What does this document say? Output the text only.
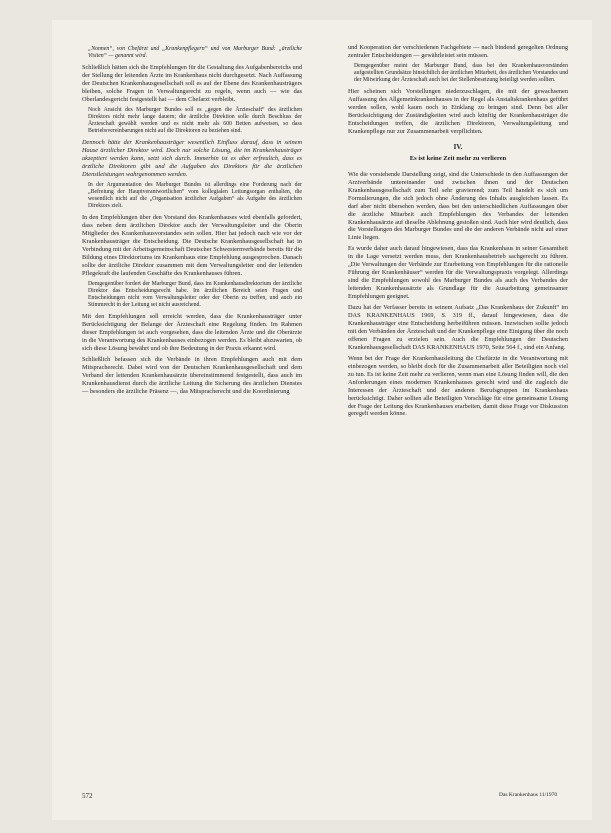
„Nonnen“, von Chefärzt und „Krankenpflegern“ und von Marburger Bund: „ärztliche Visiten“ — genannt wird.

Schließlich hätten sich die Empfehlungen für die Gestaltung des Aufgabenbereichs und der Stellung der leitenden Ärzte im Krankenhaus nicht durchgesetzt. Nach Auffassung der Deutschen Krankenhausgesellschaft soll es auf der Ebene des Krankenhausträgers bleiben, solche Fragen in Verwaltungsrecht zu regeln, wenn auch — wie das Oberlandesgericht festgestellt hat — dem Chefarzt verbleibt.

Noch Ansicht des Marburger Bundes soll es „gegen die Ärzteschaft“ des ärztlichen Direktors nicht mehr lange dauern; die ärztliche Direktion solle durch Beschluss der Ärzteschaft gewählt werden und es nicht mehr als 600 Betten aufweisen, so dass Betriebsvereinbarungen nicht auf die Direktoren zu beziehen sind.

Dennoch hätte der Krankenhausträger wesentlich Einfluss darauf, dass in seinem Hause ärztlicher Direktor wird. Doch nur solche Lösung, die im Krankenhausträger akzeptiert werden kann, setzt sich durch. Immerhin ist es aber erfreulich, dass es ärztliche Direktoren gibt und die Aufgaben des Direktors für die ärztlichen Dienstleistungen wahrgenommen werden.

In der Argumentation des Marburger Bundes ist allerdings eine Forderung nach der „Befreiung der Hauptverantwortlichen“ vom kollegialen Leitungsorgan enthalten, die wesentlich nicht auf die „Organisation ärztlicher Aufgaben“ als Aufgabe des ärztlichen Direktors zielt.

In den Empfehlungen über den Vorstand des Krankenhauses wird ebenfalls gefordert, dass neben dem ärztlichen Direktor auch der Verwaltungsleiter und die Oberin Mitglieder des Krankenhausvorstandes sein sollen. Hier hat jedoch nach wie vor der Krankenhausträger die Entscheidung. Die Deutsche Krankenhausgesellschaft hat in Verbindung mit der Arbeitsgemeinschaft Deutscher Schwesternverbände bereits für die Bildung eines Direktoriums im Krankenhaus eine Empfehlung ausgesprochen. Danach sollte der ärztliche Direktor zusammen mit dem Verwaltungsleiter und der leitenden Pflegekraft die laufenden Geschäfte des Krankenhauses führen.

Demgegenüber fordert der Marburger Bund, dass im Krankenhausdirektorium der ärztliche Direktor das Entscheidungsrecht habe. Im ärztlichen Bereich seien Fragen und Entscheidungen nicht vom Verwaltungsleiter oder der Oberin zu treffen, und auch ein Stimmrecht in der Leitung sei nicht ausreichend.

Mit den Empfehlungen soll erreicht werden, dass die Krankenhausträger unter Berücksichtigung der Belange der Ärzteschaft eine Regelung finden. Im Rahmen dieser Empfehlungen ist auch vorgesehen, dass die leitenden Ärzte und die Oberärzte in die Verantwortung des Krankenhauses einbezogen werden. Es bleibt abzuwarten, ob sich diese Lösung bewährt und ob ihre Bedeutung in der Praxis erkannt wird.

Schließlich befassen sich die Verbände in ihren Empfehlungen auch mit dem Mitspracherecht. Dabei wird von der Deutschen Krankenhausgesellschaft und dem Verband der leitenden Krankenhausärzte übereinstimmend festgestellt, dass auch im Krankenhausdienst durch die ärztliche Leitung die Sicherung des ärztlichen Dienstes — besonders die ärztliche Präsenz —, das Mitspracherecht und die Koordinierung

und Kooperation der verschiedenen Fachgebiete — nach bindend geregelten Ordnung zentraler Entscheidungen — gewährleistet sein müssen.

Demgegenüber meint der Marburger Bund, dass bei den Krankenhausvorständen aufgestellten Grundsätze hinsichtlich der ärztlichen Mitarbeit, des ärztlichen Vorstandes und der Mitwirkung der Ärzteschaft auch bei der Stellenbesetzung beteiligt werden sollten.

Hier scheinen sich Vorstellungen niederzuschlagen, die mit der gewachsenen Auffassung des Allgemeinkrankenhauses in der Regel als Anstaltskrankenhaus geführt werden sollen, wohl kaum noch in Einklang zu bringen sind. Denn bei aller Berücksichtigung der Zuständigkeiten wird auch künftig der Krankenhausträger die Entscheidungen treffen, die ärztlichen Direktoren, Verwaltungsleitung und Krankenpflege nur zur Zusammenarbeit verpflichten.

IV.

Es ist keine Zeit mehr zu verlieren

Wie die vorstehende Darstellung zeigt, sind die Unterschiede in den Auffassungen der Arztverbände untereinander und zwischen ihnen und der Deutschen Krankenhausgesellschaft zum Teil sehr gravierend; zum Teil handelt es sich um Formulierungen, die sich jedoch ohne Änderung des Inhalts ausgleichen lassen. Es darf aber nicht übersehen werden, dass bei den unterschiedlichen Auffassungen über die ärztliche Mitarbeit auch Empfehlungen des Verbandes der leitenden Krankenhausärzte auf dieselbe Ablehnung gestoßen sind. Auch hier wird deutlich, dass die Vorstellungen des Marburger Bundes und die der anderen Verbände nicht auf einer Linie liegen.

Es wurde daher auch darauf hingewiesen, dass das Krankenhaus in seiner Gesamtheit in die Lage versetzt werden muss, den Krankenhausbetrieb sachgerecht zu führen. „Die Verwaltungen der Verbände zur Erarbeitung von Empfehlungen für die rationelle Führung der Krankenhäuser“ werden für die Verwaltungspraxis vorgelegt. Allerdings sind die Empfehlungen sowohl des Marburger Bundes als auch des Verbandes der leitenden Krankenhausärzte als Grundlage für die Ausarbeitung gemeinsamer Empfehlungen geeignet.

Dazu hat der Verfasser bereits in seinem Aufsatz „Das Krankenhaus der Zukunft“ im DAS KRANKENHAUS 1969, S. 319 ff., darauf hingewiesen, dass die Krankenhausträger eine Entscheidung herbeiführen müssen. Inzwischen sollte jedoch mit den Verbänden der Ärzteschaft und der Krankenpflege eine Einigung über die noch offenen Fragen zu erzielen sein. Auch die Empfehlungen der Deutschen Krankenhausgesellschaft DAS KRANKENHAUS 1970, Seite 564 f., sind ein Anfang.

Wenn bei der Frage der Krankenhausleitung die Chefärzte in die Verantwortung mit einbezogen werden, so bleibt doch für die Zusammenarbeit aller Beteiligten noch viel zu tun. Es ist keine Zeit mehr zu verlieren, wenn man eine Lösung finden will, die den Anforderungen eines modernen Krankenhauses gerecht wird und die zugleich die Interessen der Ärzteschaft und der anderen Berufsgruppen im Krankenhaus berücksichtigt. Daher sollten alle Beteiligten Vorschläge für eine gemeinsame Lösung der Frage der Leitung des Krankenhauses erarbeiten, damit diese Frage vor Diskussion geregelt werden könne.

572	Das Krankenhaus 11/1970
